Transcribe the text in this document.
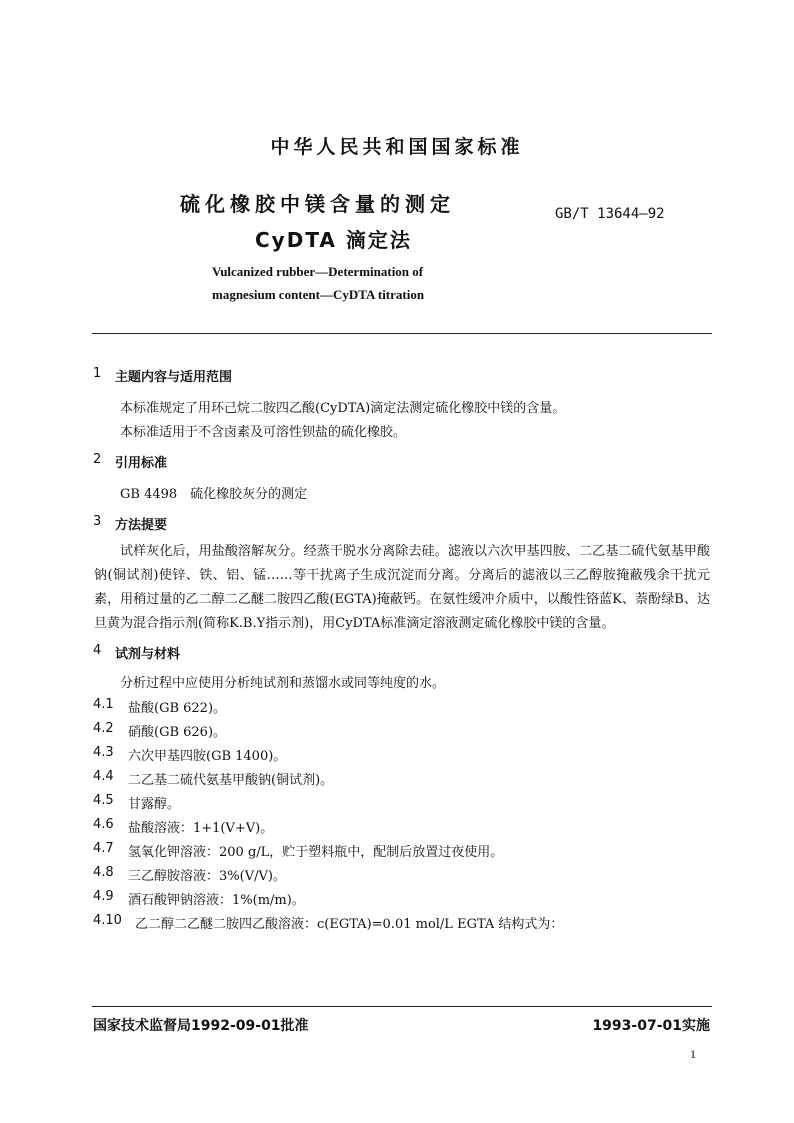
中华人民共和国国家标准
硫化橡胶中镁含量的测定
CyDTA 滴定法
GB/T 13644—92
Vulcanized rubber—Determination of
magnesium content—CyDTA titration
1 主题内容与适用范围
本标准规定了用环己烷二胺四乙酸(CyDTA)滴定法测定硫化橡胶中镁的含量。
本标准适用于不含卤素及可溶性钡盐的硫化橡胶。
2 引用标准
GB 4498　硫化橡胶灰分的测定
3 方法提要
试样灰化后，用盐酸溶解灰分。经蒸干脱水分离除去硅。滤液以六次甲基四胺、二乙基二硫代氨基甲酸钠(铜试剂)使锌、铁、铝、锰……等干扰离子生成沉淀而分离。分离后的滤液以三乙醇胺掩蔽残余干扰元素，用稍过量的乙二醇二乙醚二胺四乙酸(EGTA)掩蔽钙。在氨性缓冲介质中，以酸性铬蓝K、萘酚绿B、达旦黄为混合指示剂(简称K.B.Y指示剂)，用CyDTA标准滴定溶液测定硫化橡胶中镁的含量。
4 试剂与材料
分析过程中应使用分析纯试剂和蒸馏水或同等纯度的水。
4.1 盐酸(GB 622)。
4.2 硝酸(GB 626)。
4.3 六次甲基四胺(GB 1400)。
4.4 二乙基二硫代氨基甲酸钠(铜试剂)。
4.5 甘露醇。
4.6 盐酸溶液：1+1(V+V)。
4.7 氢氧化钾溶液：200 g/L，贮于塑料瓶中，配制后放置过夜使用。
4.8 三乙醇胺溶液：3%(V/V)。
4.9 酒石酸钾钠溶液：1%(m/m)。
4.10 乙二醇二乙醚二胺四乙酸溶液：c(EGTA)=0.01 mol/L EGTA 结构式为：
国家技术监督局1992-09-01批准	1993-07-01实施
1
